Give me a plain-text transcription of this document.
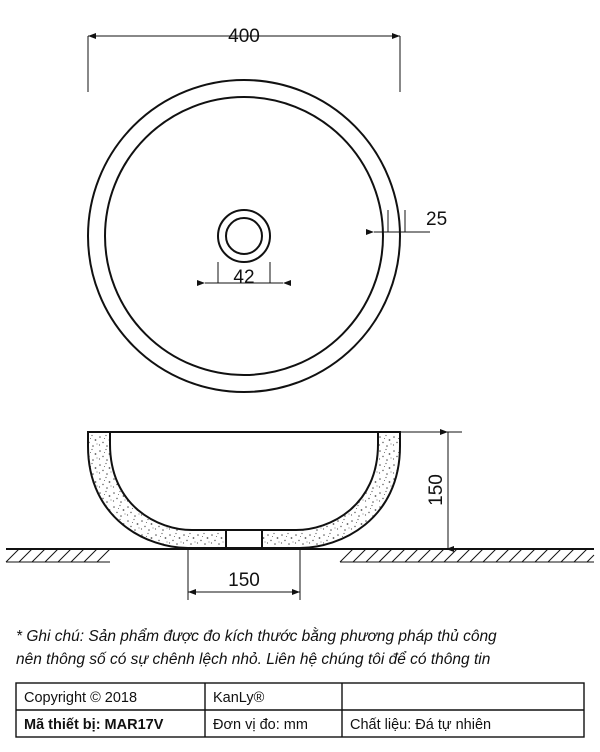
400
25
42
150
150
* Ghi chú: Sản phẩm được đo kích thước bằng phương pháp thủ công
nên thông số có sự chênh lệch nhỏ. Liên hệ chúng tôi để có thông tin
Copyright © 2018	KanLy®
Mã thiết bị: MAR17V	Đơn vị đo: mm	Chất liệu: Đá tự nhiên
